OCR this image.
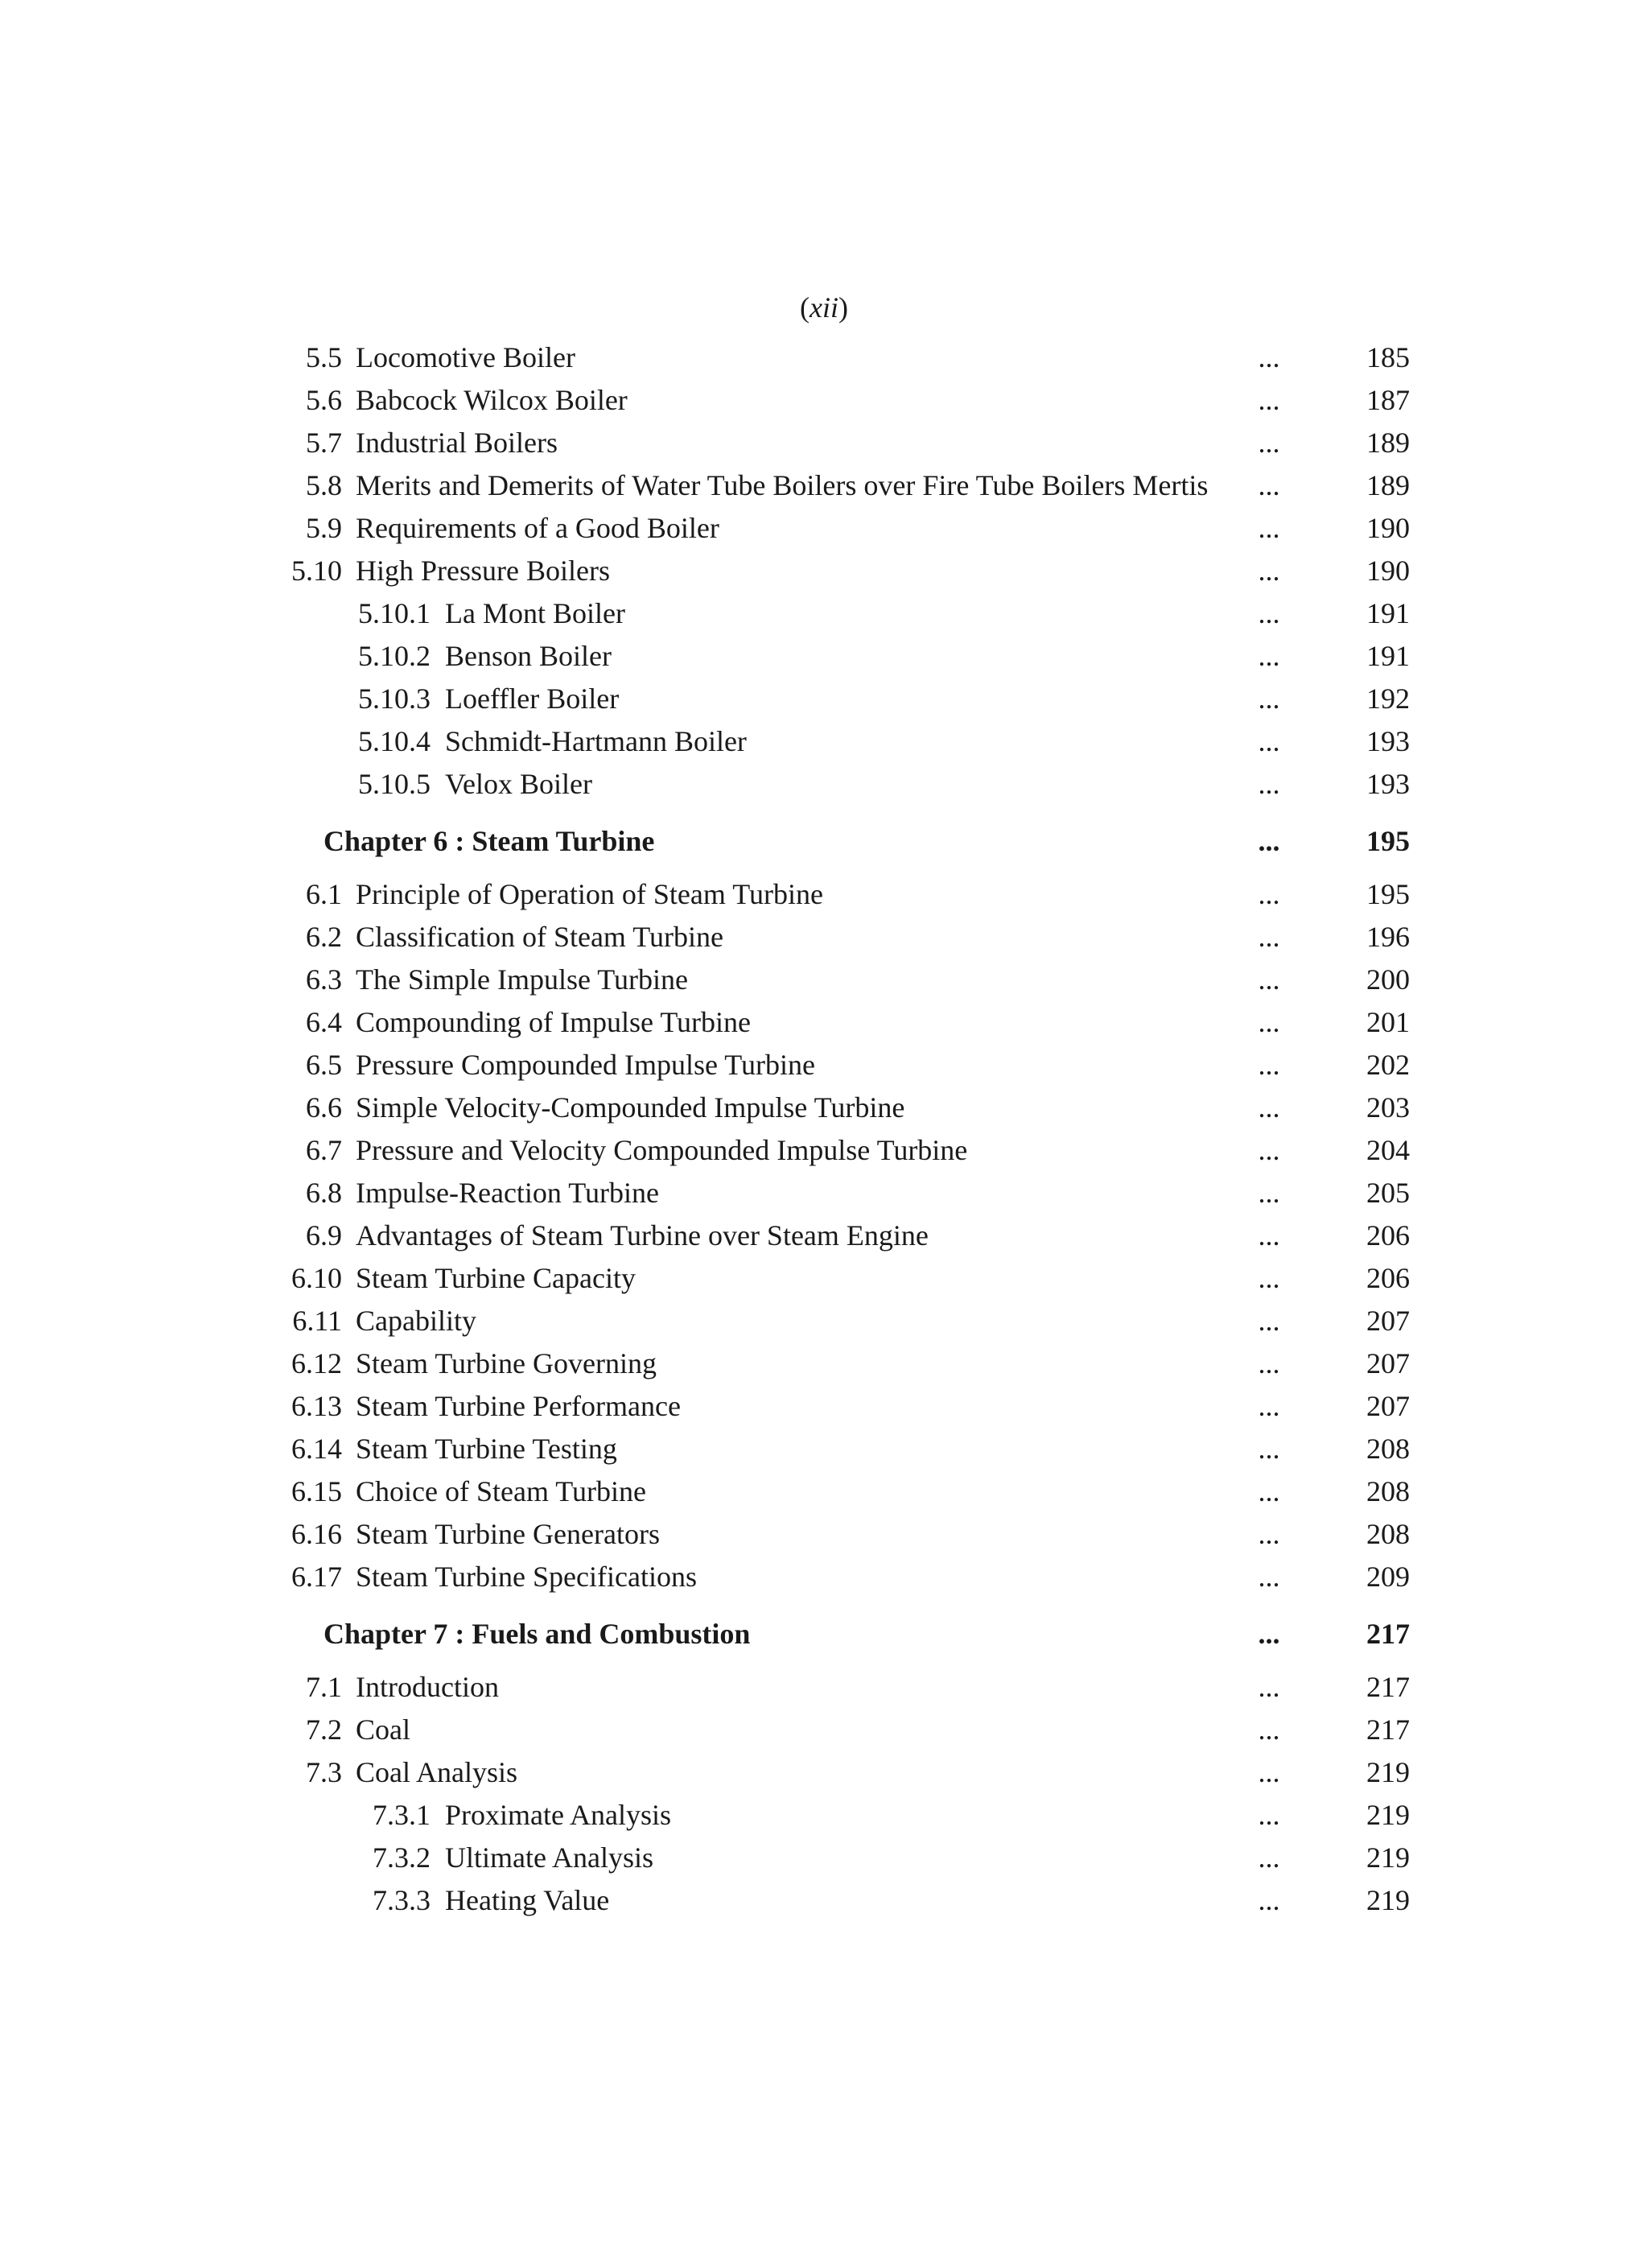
(xii)
5.5 Locomotive Boiler	...	185
5.6 Babcock Wilcox Boiler	...	187
5.7 Industrial Boilers	...	189
5.8 Merits and Demerits of Water Tube Boilers over Fire Tube Boilers Mertis	...	189
5.9 Requirements of a Good Boiler	...	190
5.10 High Pressure Boilers	...	190
5.10.1 La Mont Boiler	...	191
5.10.2 Benson Boiler	...	191
5.10.3 Loeffler Boiler	...	192
5.10.4 Schmidt-Hartmann Boiler	...	193
5.10.5 Velox Boiler	...	193
Chapter 6 : Steam Turbine	...	195
6.1 Principle of Operation of Steam Turbine	...	195
6.2 Classification of Steam Turbine	...	196
6.3 The Simple Impulse Turbine	...	200
6.4 Compounding of Impulse Turbine	...	201
6.5 Pressure Compounded Impulse Turbine	...	202
6.6 Simple Velocity-Compounded Impulse Turbine	...	203
6.7 Pressure and Velocity Compounded Impulse Turbine	...	204
6.8 Impulse-Reaction Turbine	...	205
6.9 Advantages of Steam Turbine over Steam Engine	...	206
6.10 Steam Turbine Capacity	...	206
6.11 Capability	...	207
6.12 Steam Turbine Governing	...	207
6.13 Steam Turbine Performance	...	207
6.14 Steam Turbine Testing	...	208
6.15 Choice of Steam Turbine	...	208
6.16 Steam Turbine Generators	...	208
6.17 Steam Turbine Specifications	...	209
Chapter 7 : Fuels and Combustion	...	217
7.1 Introduction	...	217
7.2 Coal	...	217
7.3 Coal Analysis	...	219
7.3.1 Proximate Analysis	...	219
7.3.2 Ultimate Analysis	...	219
7.3.3 Heating Value	...	219
